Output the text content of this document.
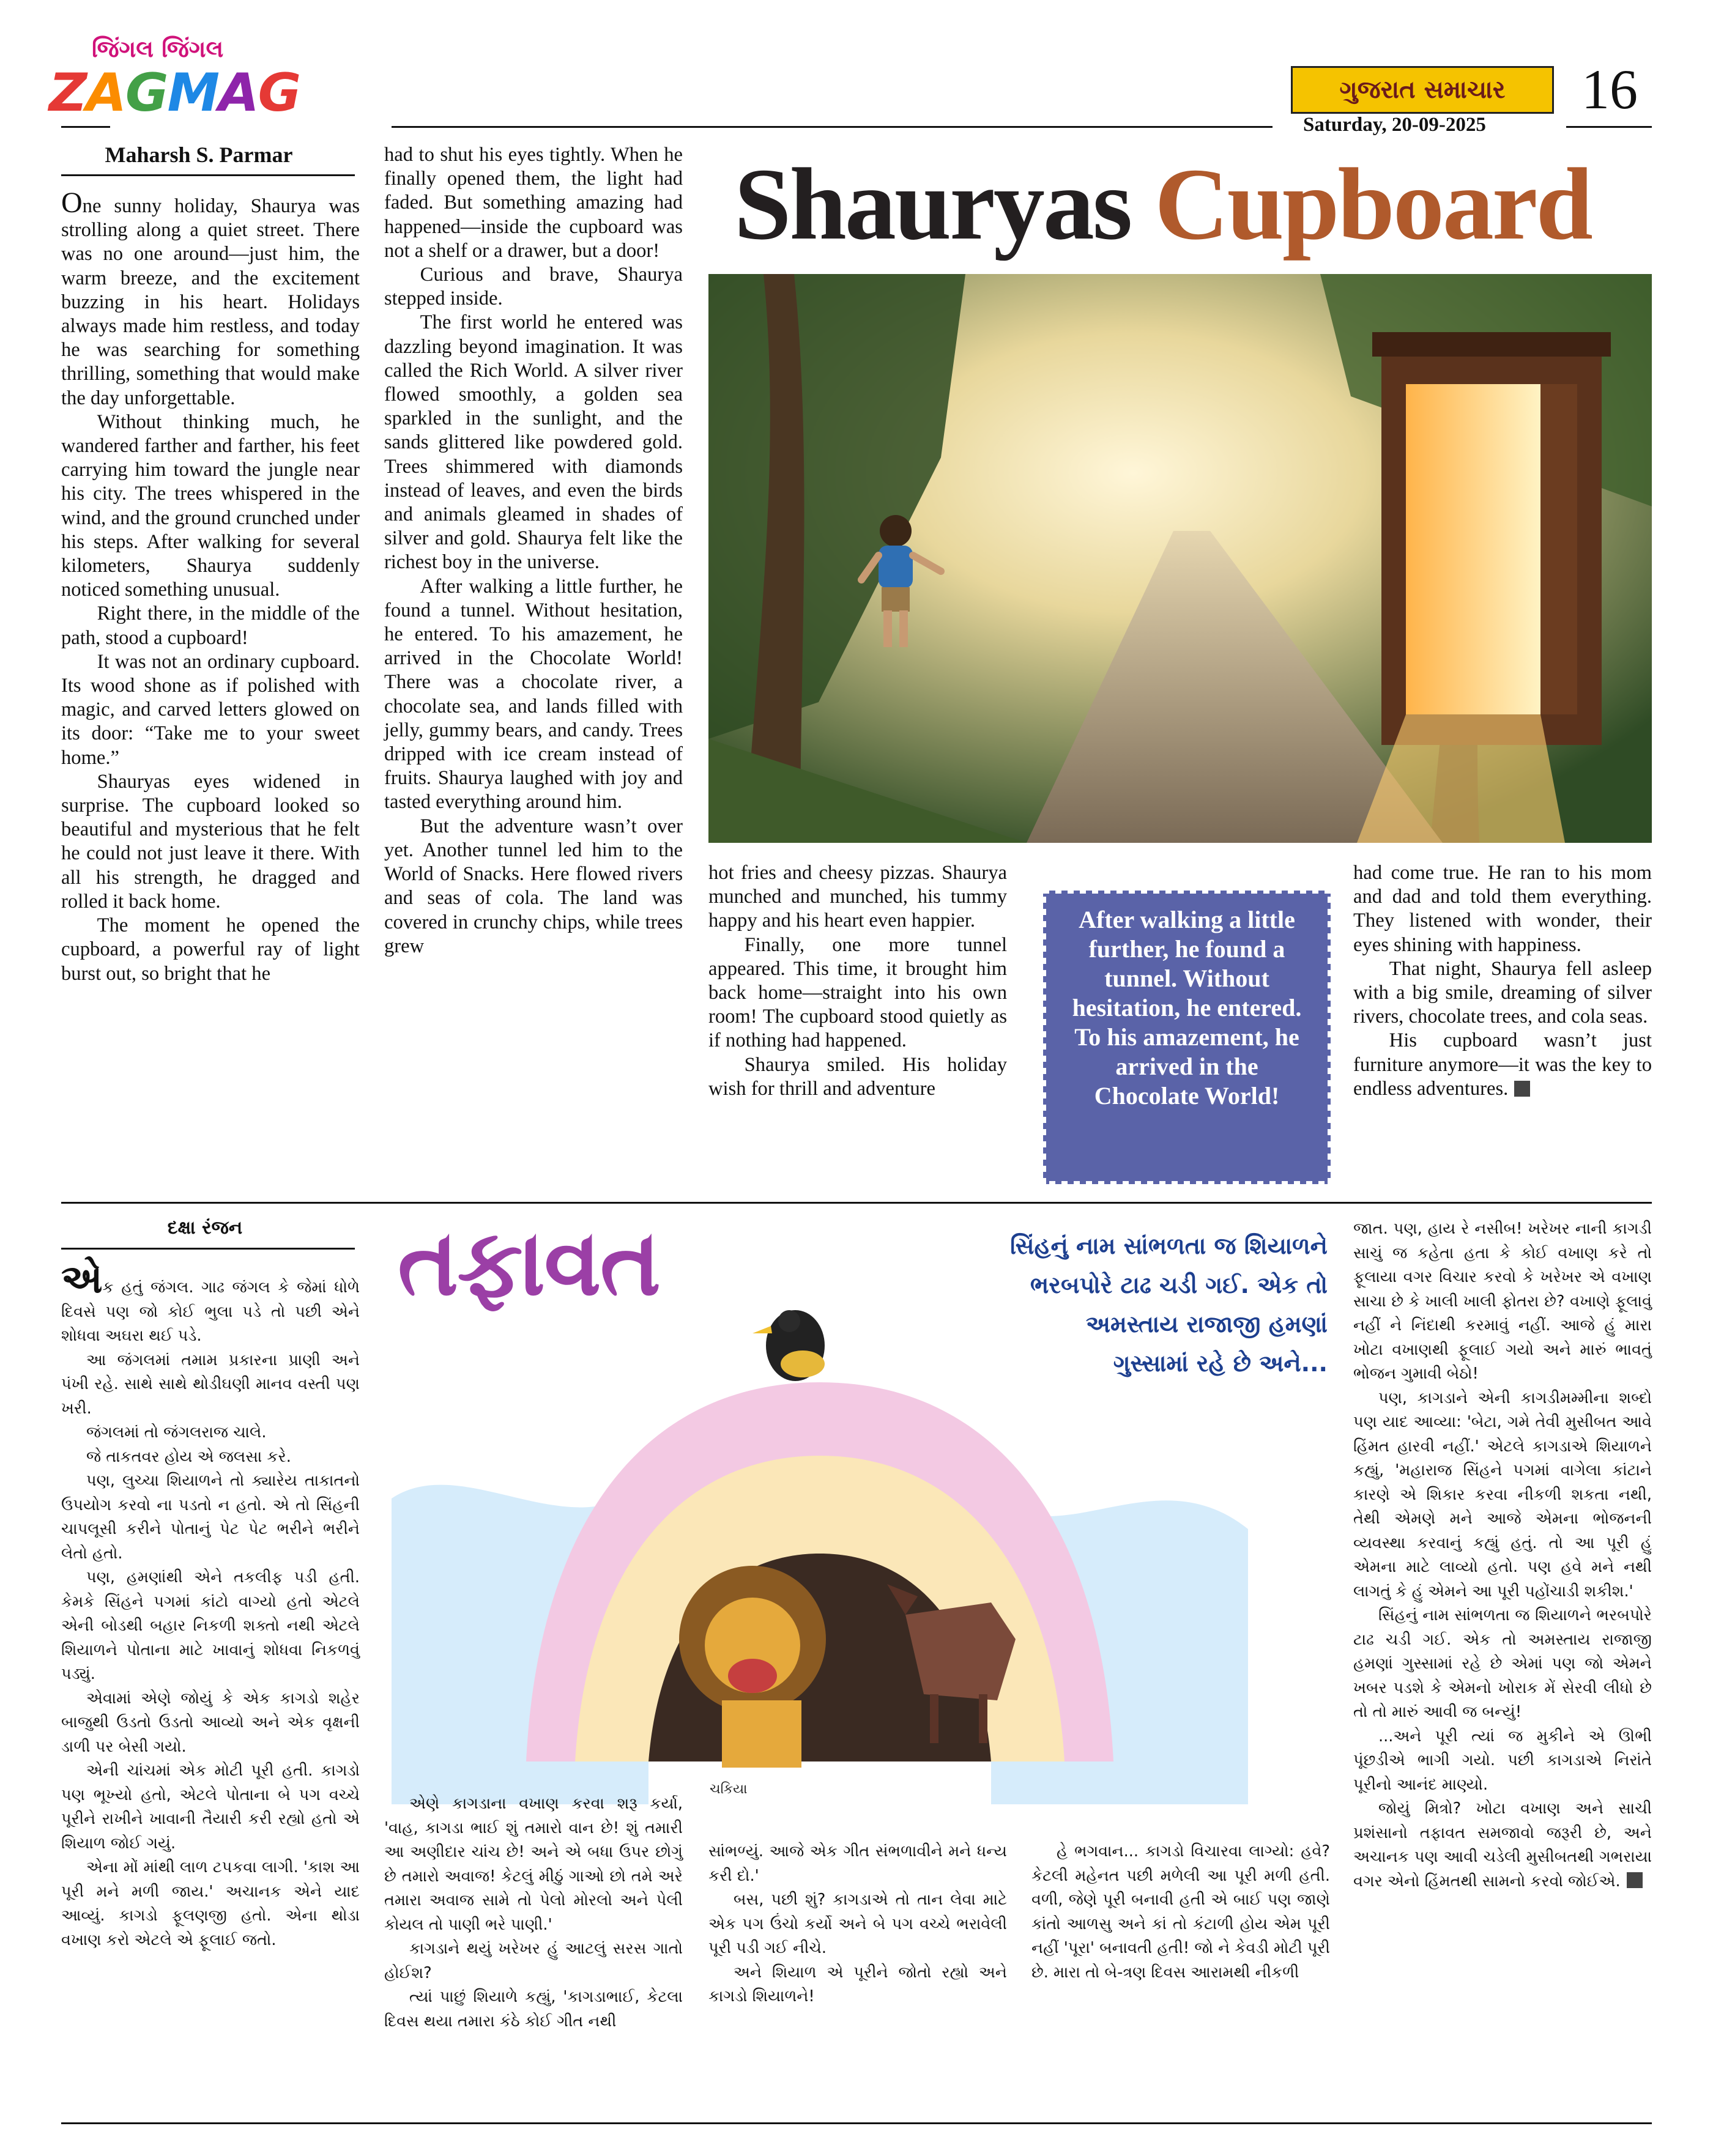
જિંગલ જિંગલ
ZAGMAG	ગુજરાત સમાચાર
Saturday, 20-09-2025
16
Maharsh S. Parmar	Shauryas Cupboard

One sunny holiday, Shaurya was strolling along a quiet street. There was no one around—just him, the warm breeze, and the excitement buzzing in his heart. Holidays always made him restless, and today he was searching for something thrilling, something that would make the day unforgettable.

Without thinking much, he wandered farther and farther, his feet carrying him toward the jungle near his city. The trees whispered in the wind, and the ground crunched under his steps. After walking for several kilometers, Shaurya suddenly noticed something unusual.

Right there, in the middle of the path, stood a cupboard!

It was not an ordinary cupboard. Its wood shone as if polished with magic, and carved letters glowed on its door: “Take me to your sweet home.”

Shauryas eyes widened in surprise. The cupboard looked so beautiful and mysterious that he felt he could not just leave it there. With all his strength, he dragged and rolled it back home.

The moment he opened the cupboard, a powerful ray of light burst out, so bright that he

had to shut his eyes tightly. When he finally opened them, the light had faded. But something amazing had happened—inside the cupboard was not a shelf or a drawer, but a door!

Curious and brave, Shaurya stepped inside.

The first world he entered was dazzling beyond imagination. It was called the Rich World. A silver river flowed smoothly, a golden sea sparkled in the sunlight, and the sands glittered like powdered gold. Trees shimmered with diamonds instead of leaves, and even the birds and animals gleamed in shades of silver and gold. Shaurya felt like the richest boy in the universe.

After walking a little further, he found a tunnel. Without hesitation, he entered. To his amazement, he arrived in the Chocolate World! There was a chocolate river, a chocolate sea, and lands filled with jelly, gummy bears, and candy. Trees dripped with ice cream instead of fruits. Shaurya laughed with joy and tasted everything around him.

But the adventure wasn’t over yet. Another tunnel led him to the World of Snacks. Here flowed rivers and seas of cola. The land was covered in crunchy chips, while trees grew

hot fries and cheesy pizzas. Shaurya munched and munched, his tummy happy and his heart even happier.

Finally, one more tunnel appeared. This time, it brought him back home—straight into his own room! The cupboard stood quietly as if nothing had happened.

Shaurya smiled. His holiday wish for thrill and adventure

After walking a little further, he found a tunnel. Without hesitation, he entered. To his amazement, he arrived in the Chocolate World!

had come true. He ran to his mom and dad and told them everything. They listened with wonder, their eyes shining with happiness.

That night, Shaurya fell asleep with a big smile, dreaming of silver rivers, chocolate trees, and cola seas.

His cupboard wasn’t just furniture anymore—it was the key to endless adventures.

દક્ષા રંજન

એક હતું જંગલ. ગાઢ જંગલ કે જેમાં ધોળે દિવસે પણ જો કોઈ ભુલા પડે તો પછી એને શોધવા અઘરા થઈ પડે.

આ જંગલમાં તમામ પ્રકારના પ્રાણી અને પંખી રહે. સાથે સાથે થોડીઘણી માનવ વસ્તી પણ ખરી.

જંગલમાં તો જંગલરાજ ચાલે.

જે તાકતવર હોય એ જલસા કરે.

પણ, લુચ્ચા શિયાળને તો ક્યારેય તાકાતનો ઉપયોગ કરવો ના પડતો ન હતો. એ તો સિંહની ચાપલૂસી કરીને પોતાનું પેટ પેટ ભરીને ભરીને લેતો હતો.

પણ, હમણાંથી એને તકલીફ પડી હતી. કેમકે સિંહને પગમાં કાંટો વાગ્યો હતો એટલે એની બોડથી બહાર નિકળી શક્તો નથી એટલે શિયાળને પોતાના માટે ખાવાનું શોધવા નિકળવું પડ્યું.

એવામાં એણે જોયું કે એક કાગડો શહેર બાજુથી ઉડતો ઉડતો આવ્યો અને એક વૃક્ષની ડાળી પર બેસી ગયો.

એની ચાંચમાં એક મોટી પૂરી હતી. કાગડો પણ ભૂખ્યો હતો, એટલે પોતાના બે પગ વચ્ચે પૂરીને રાખીને ખાવાની તૈયારી કરી રહ્યો હતો એ શિયાળ જોઈ ગયું.

એના મોં માંથી લાળ ટપકવા લાગી. 'કાશ આ પૂરી મને મળી જાય.' અચાનક એને યાદ આવ્યું. કાગડો ફૂલણજી હતો. એના થોડા વખાણ કરો એટલે એ ફૂલાઈ જતો.

તફાવત	સિંહનું નામ સાંભળતા જ શિયાળને ભરબપોરે ટાઢ ચડી ગઈ. એક તો અમસ્તાય રાજાજી હમણાં ગુસ્સામાં રહે છે અને...
ચકિયા

એણે કાગડાના વખાણ કરવા શરૂ કર્યા, 'વાહ, કાગડા ભાઈ શું તમારો વાન છે! શું તમારી આ અણીદાર ચાંચ છે! અને એ બધા ઉપર છોગું છે તમારો અવાજ! કેટલું મીઠું ગાઓ છો તમે અરે તમારા અવાજ સામે તો પેલો મોરલો અને પેલી કોયલ તો પાણી ભરે પાણી.'

કાગડાને થયું ખરેખર હું આટલું સરસ ગાતો હોઈશ?

ત્યાં પાછું શિયાળે કહ્યું, 'કાગડાભાઈ, કેટલા દિવસ થયા તમારા કંઠે કોઈ ગીત નથી

સાંભળ્યું. આજે એક ગીત સંભળાવીને મને ધન્ય કરી દો.'

બસ, પછી શું? કાગડાએ તો તાન લેવા માટે એક પગ ઉંચો કર્યો અને બે પગ વચ્ચે ભરાવેલી પૂરી પડી ગઈ નીચે.

અને શિયાળ એ પૂરીને જોતો રહ્યો અને કાગડો શિયાળને!

હે ભગવાન... કાગડો વિચારવા લાગ્યો: હવે? કેટલી મહેનત પછી મળેલી આ પૂરી મળી હતી. વળી, જેણે પૂરી બનાવી હતી એ બાઈ પણ જાણે કાંતો આળસુ અને કાં તો કંટાળી હોય એમ પૂરી નહીં 'પૂરા' બનાવતી હતી! જો ને કેવડી મોટી પૂરી છે. મારા તો બે-ત્રણ દિવસ આરામથી નીકળી

જાત. પણ, હાય રે નસીબ! ખરેખર નાની કાગડી સાચું જ કહેતા હતા કે કોઈ વખાણ કરે તો ફૂલાયા વગર વિચાર કરવો કે ખરેખર એ વખાણ સાચા છે કે ખાલી ખાલી ફોતરા છે? વખાણે ફૂલાવું નહીં ને નિંદાથી કરમાવું નહીં. આજે હું મારા ખોટા વખાણથી ફૂલાઈ ગયો અને મારું ભાવતું ભોજન ગુમાવી બેઠો!

પણ, કાગડાને એની કાગડીમમ્મીના શબ્દો પણ યાદ આવ્યા: 'બેટા, ગમે તેવી મુસીબત આવે હિંમત હારવી નહીં.' એટલે કાગડાએ શિયાળને કહ્યું, 'મહારાજ સિંહને પગમાં વાગેલા કાંટાને કારણે એ શિકાર કરવા નીકળી શકતા નથી, તેથી એમણે મને આજે એમના ભોજનની વ્યવસ્થા કરવાનું કહ્યું હતું. તો આ પૂરી હું એમના માટે લાવ્યો હતો. પણ હવે મને નથી લાગતું કે હું એમને આ પૂરી પહોંચાડી શકીશ.'

સિંહનું નામ સાંભળતા જ શિયાળને ભરબપોરે ટાઢ ચડી ગઈ. એક તો અમસ્તાય રાજાજી હમણાં ગુસ્સામાં રહે છે એમાં પણ જો એમને ખબર પડશે કે એમનો ખોરાક મેં સેરવી લીધો છે તો તો મારું આવી જ બન્યું!

...અને પૂરી ત્યાં જ મુકીને એ ઊભી પૂંછડીએ ભાગી ગયો. પછી કાગડાએ નિરાંતે પૂરીનો આનંદ માણ્યો.

જોયું મિત્રો? ખોટા વખાણ અને સાચી પ્રશંસાનો તફાવત સમજાવો જરૂરી છે, અને અચાનક પણ આવી ચડેલી મુસીબતથી ગભરાયા વગર એનો હિંમતથી સામનો કરવો જોઈએ.
